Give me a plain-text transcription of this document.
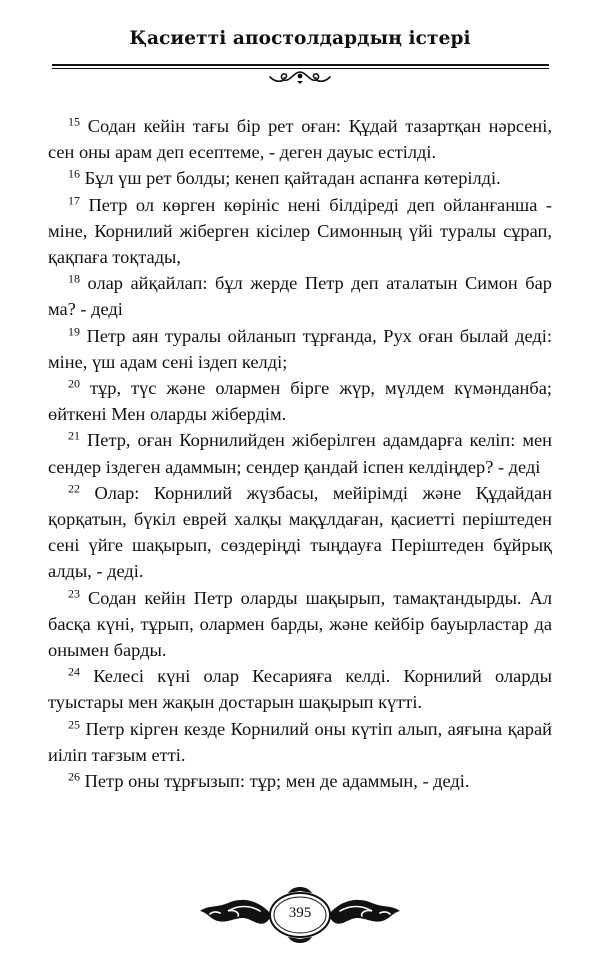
Қасиетті апостолдардың істері

$^{15}$ Содан кейін тағы бір рет оған: Құдай тазартқан нәрсені, сен оны арам деп есептеме, - деген дауыс естілді.

$^{16}$ Бұл үш рет болды; кенеп қайтадан аспанға көтерілді.

$^{17}$ Петр ол көрген көрініс нені білдіреді деп ойланғанша - міне, Корнилий жіберген кісілер Симонның үйі туралы сұрап, қақпаға тоқтады,

$^{18}$ олар айқайлап: бұл жерде Петр деп аталатын Симон бар ма? - деді

$^{19}$ Петр аян туралы ойланып тұрғанда, Рух оған былай деді: міне, үш адам сені іздеп келді;

$^{20}$ тұр, түс және олармен бірге жүр, мүлдем күмәнданба; өйткені Мен оларды жібердім.

$^{21}$ Петр, оған Корнилийден жіберілген адамдарға келіп: мен сендер іздеген адаммын; сендер қандай іспен келдіңдер? - деді

$^{22}$ Олар: Корнилий жүзбасы, мейірімді және Құдайдан қорқатын, бүкіл еврей халқы мақұлдаған, қасиетті періштеден сені үйге шақырып, сөздеріңді тыңдауға Періштеден бұйрық алды, - деді.

$^{23}$ Содан кейін Петр оларды шақырып, тамақтандырды. Ал басқа күні, тұрып, олармен барды, және кейбір бауырластар да онымен барды.

$^{24}$ Келесі күні олар Кесарияға келді. Корнилий оларды туыстары мен жақын достарын шақырып күтті.

$^{25}$ Петр кірген кезде Корнилий оны күтіп алып, аяғына қарай иіліп тағзым етті.

$^{26}$ Петр оны тұрғызып: тұр; мен де адаммын, - деді.

395
